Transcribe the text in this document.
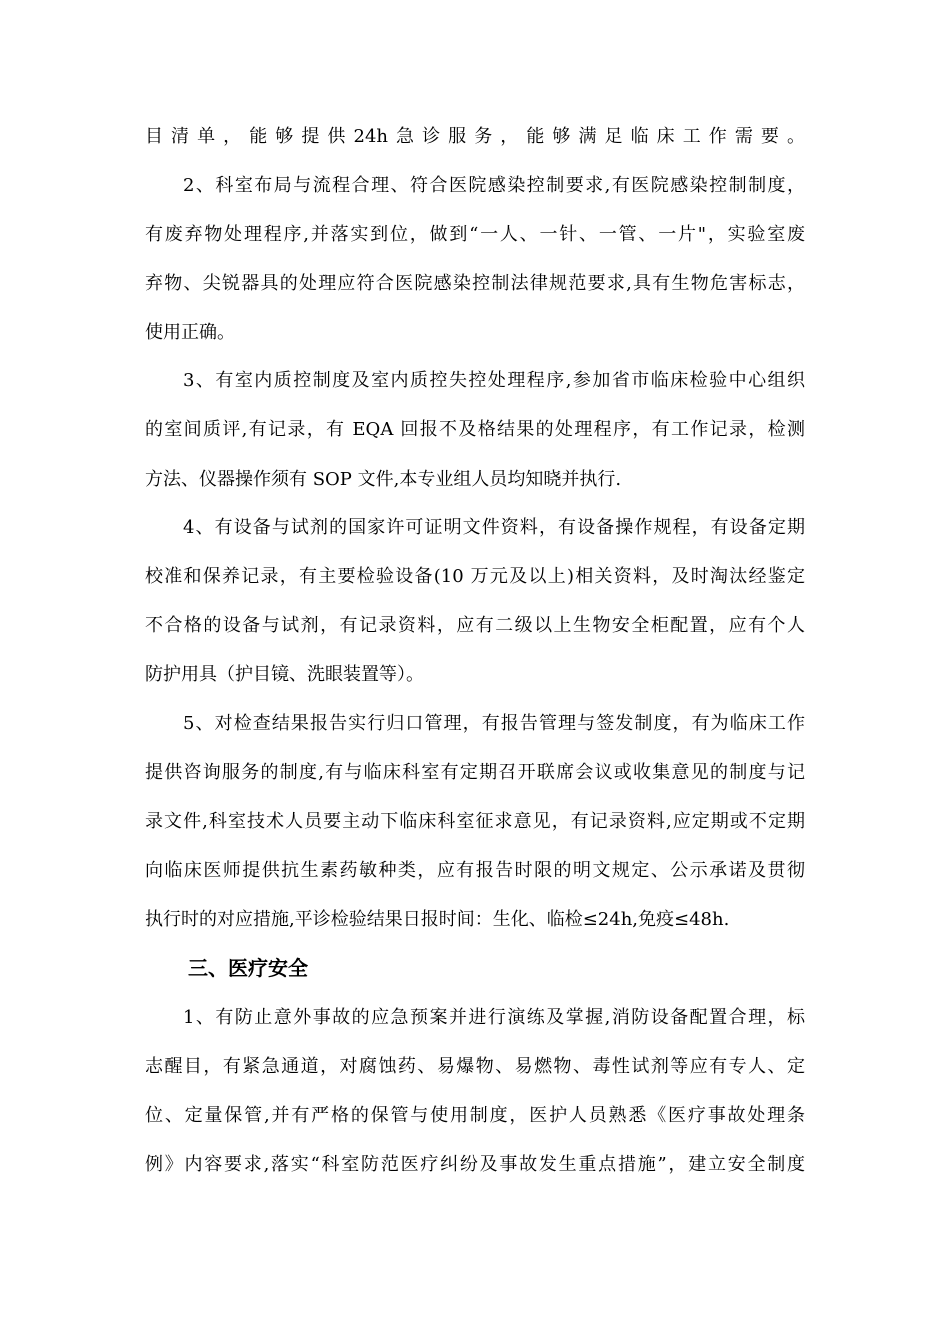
目清单，能够提供24h急诊服务，能够满足临床工作需要。
2、科室布局与流程合理、符合医院感染控制要求,有医院感染控制制度，
有废弃物处理程序,并落实到位，做到“一人、一针、一管、一片"，实验室废
弃物、尖锐器具的处理应符合医院感染控制法律规范要求,具有生物危害标志，
使用正确。
3、有室内质控制度及室内质控失控处理程序,参加省市临床检验中心组织
的室间质评,有记录，有 EQA 回报不及格结果的处理程序，有工作记录，检测
方法、仪器操作须有 SOP 文件,本专业组人员均知晓并执行.
4、有设备与试剂的国家许可证明文件资料，有设备操作规程，有设备定期
校准和保养记录，有主要检验设备(10 万元及以上)相关资料，及时淘汰经鉴定
不合格的设备与试剂，有记录资料，应有二级以上生物安全柜配置，应有个人
防护用具（护目镜、洗眼装置等）。
5、对检查结果报告实行归口管理，有报告管理与签发制度，有为临床工作
提供咨询服务的制度,有与临床科室有定期召开联席会议或收集意见的制度与记
录文件,科室技术人员要主动下临床科室征求意见，有记录资料,应定期或不定期
向临床医师提供抗生素药敏种类，应有报告时限的明文规定、公示承诺及贯彻
执行时的对应措施,平诊检验结果日报时间：生化、临检≤24h,免疫≤48h.
三、医疗安全
1、有防止意外事故的应急预案并进行演练及掌握,消防设备配置合理，标
志醒目，有紧急通道，对腐蚀药、易爆物、易燃物、毒性试剂等应有专人、定
位、定量保管,并有严格的保管与使用制度，医护人员熟悉《医疗事故处理条
例》内容要求,落实“科室防范医疗纠纷及事故发生重点措施”，建立安全制度
